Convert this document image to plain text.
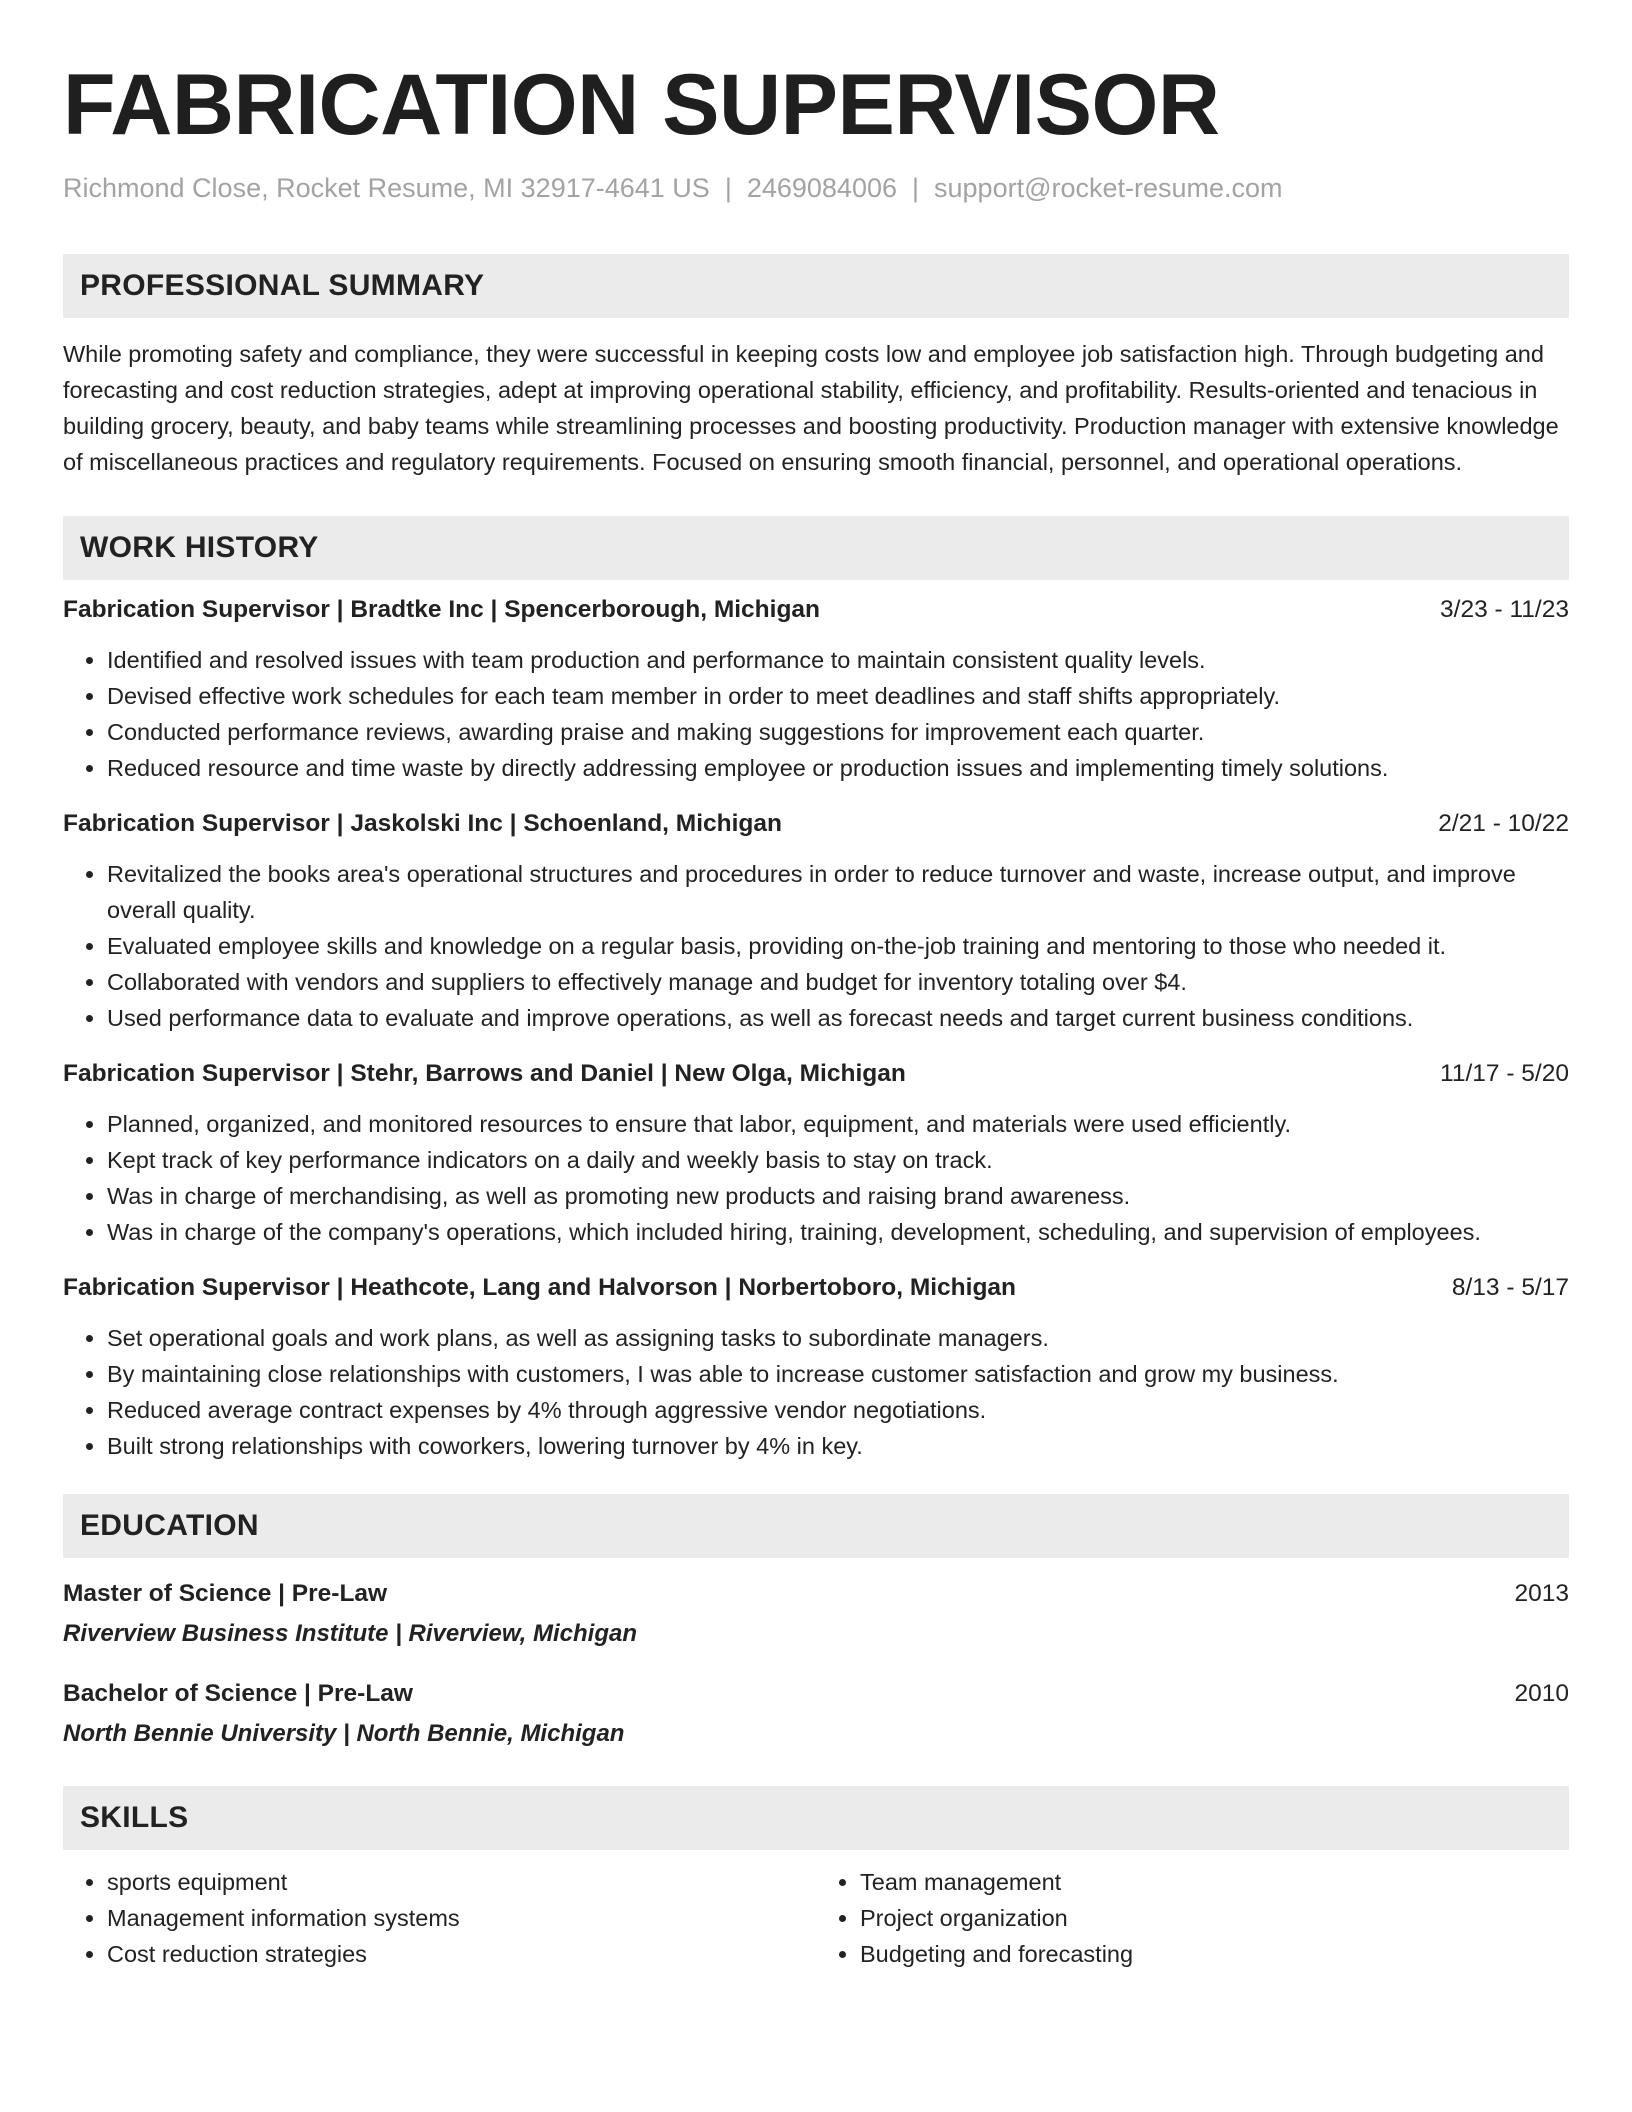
FABRICATION SUPERVISOR
Richmond Close, Rocket Resume, MI 32917-4641 US | 2469084006 | support@rocket-resume.com
PROFESSIONAL SUMMARY
While promoting safety and compliance, they were successful in keeping costs low and employee job satisfaction high. Through budgeting and forecasting and cost reduction strategies, adept at improving operational stability, efficiency, and profitability. Results-oriented and tenacious in building grocery, beauty, and baby teams while streamlining processes and boosting productivity. Production manager with extensive knowledge of miscellaneous practices and regulatory requirements. Focused on ensuring smooth financial, personnel, and operational operations.
WORK HISTORY
Fabrication Supervisor | Bradtke Inc | Spencerborough, Michigan	3/23 - 11/23
• Identified and resolved issues with team production and performance to maintain consistent quality levels.
• Devised effective work schedules for each team member in order to meet deadlines and staff shifts appropriately.
• Conducted performance reviews, awarding praise and making suggestions for improvement each quarter.
• Reduced resource and time waste by directly addressing employee or production issues and implementing timely solutions.
Fabrication Supervisor | Jaskolski Inc | Schoenland, Michigan	2/21 - 10/22
• Revitalized the books area's operational structures and procedures in order to reduce turnover and waste, increase output, and improve overall quality.
• Evaluated employee skills and knowledge on a regular basis, providing on-the-job training and mentoring to those who needed it.
• Collaborated with vendors and suppliers to effectively manage and budget for inventory totaling over $4.
• Used performance data to evaluate and improve operations, as well as forecast needs and target current business conditions.
Fabrication Supervisor | Stehr, Barrows and Daniel | New Olga, Michigan	11/17 - 5/20
• Planned, organized, and monitored resources to ensure that labor, equipment, and materials were used efficiently.
• Kept track of key performance indicators on a daily and weekly basis to stay on track.
• Was in charge of merchandising, as well as promoting new products and raising brand awareness.
• Was in charge of the company's operations, which included hiring, training, development, scheduling, and supervision of employees.
Fabrication Supervisor | Heathcote, Lang and Halvorson | Norbertoboro, Michigan	8/13 - 5/17
• Set operational goals and work plans, as well as assigning tasks to subordinate managers.
• By maintaining close relationships with customers, I was able to increase customer satisfaction and grow my business.
• Reduced average contract expenses by 4% through aggressive vendor negotiations.
• Built strong relationships with coworkers, lowering turnover by 4% in key.
EDUCATION
Master of Science | Pre-Law	2013
Riverview Business Institute | Riverview, Michigan
Bachelor of Science | Pre-Law	2010
North Bennie University | North Bennie, Michigan
SKILLS
• sports equipment
• Management information systems
• Cost reduction strategies
• Team management
• Project organization
• Budgeting and forecasting
